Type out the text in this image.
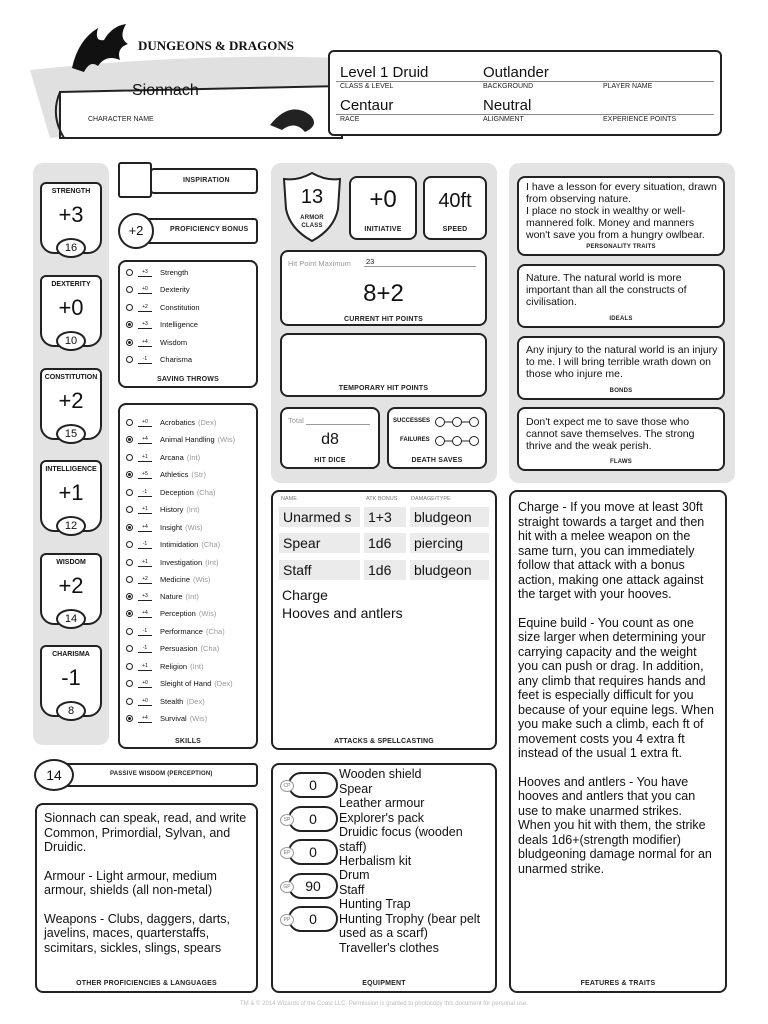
DUNGEONS & DRAGONS
Sionnach
CHARACTER NAME
Level 1 Druid
CLASS & LEVEL
Outlander
BACKGROUND	PLAYER NAME
Centaur
RACE
Neutral
ALIGNMENT	EXPERIENCE POINTS
STRENGTH
+3
16
DEXTERITY
+0
10
CONSTITUTION
+2
15
INTELLIGENCE
+1
12
WISDOM
+2
14
CHARISMA
-1
8
INSPIRATION
+2	PROFICIENCY BONUS
+3	Strength
+0	Dexterity
+2	Constitution
+3	Intelligence
+4	Wisdom
-1	Charisma
SAVING THROWS
+0	Acrobatics (Dex)
+4	Animal Handling (Wis)
+1	Arcana (Int)
+5	Athletics (Str)
-1	Deception (Cha)
+1	History (Int)
+4	Insight (Wis)
-1	Intimidation (Cha)
+1	Investigation (Int)
+2	Medicine (Wis)
+3	Nature (Int)
+4	Perception (Wis)
-1	Performance (Cha)
-1	Persuasion (Cha)
+1	Religion (Int)
+0	Sleight of Hand (Dex)
+0	Stealth (Dex)
+4	Survival (Wis)
SKILLS
13
ARMOR CLASS
+0
INITIATIVE
40ft
SPEED
Hit Point Maximum 23
8+2
CURRENT HIT POINTS
TEMPORARY HIT POINTS
Total
d8
HIT DICE
SUCCESSES
FAILURES
DEATH SAVES
I have a lesson for every situation, drawn from observing nature.
I place no stock in wealthy or well-mannered folk. Money and manners won't save you from a hungry owlbear.
PERSONALITY TRAITS
Nature. The natural world is more important than all the constructs of civilisation.
IDEALS
Any injury to the natural world is an injury to me. I will bring terrible wrath down on those who injure me.
BONDS
Don't expect me to save those who cannot save themselves. The strong thrive and the weak perish.
FLAWS
NAME	ATK BONUS DAMAGE/TYPE
Unarmed s	1+3	bludgeon
Spear	1d6	piercing
Staff	1d6	bludgeon
Charge
Hooves and antlers
ATTACKS & SPELLCASTING
14	PASSIVE WISDOM (PERCEPTION)

Sionnach can speak, read, and write Common, Primordial, Sylvan, and Druidic.

Armour - Light armour, medium armour, shields (all non-metal)

Weapons - Clubs, daggers, darts, javelins, maces, quarterstaffs, scimitars, sickles, slings, spears

OTHER PROFICIENCIES & LANGUAGES
0
CP
0
SP
0
EP
90
GP
0
PP
Wooden shield
Spear
Leather armour
Explorer's pack
Druidic focus (wooden
staff)
Herbalism kit
Drum
Staff
Hunting Trap
Hunting Trophy (bear pelt
used as a scarf)
Traveller's clothes
EQUIPMENT

Charge - If you move at least 30ft straight towards a target and then hit with a melee weapon on the same turn, you can immediately follow that attack with a bonus action, making one attack against the target with your hooves.

Equine build - You count as one size larger when determining your carrying capacity and the weight you can push or drag. In addition, any climb that requires hands and feet is especially difficult for you because of your equine legs. When you make such a climb, each ft of movement costs you 4 extra ft instead of the usual 1 extra ft.

Hooves and antlers - You have hooves and antlers that you can use to make unarmed strikes. When you hit with them, the strike deals 1d6+(strength modifier) bludgeoning damage normal for an unarmed strike.

FEATURES & TRAITS
TM & © 2014 Wizards of the Coast LLC. Permission is granted to photocopy this document for personal use.
